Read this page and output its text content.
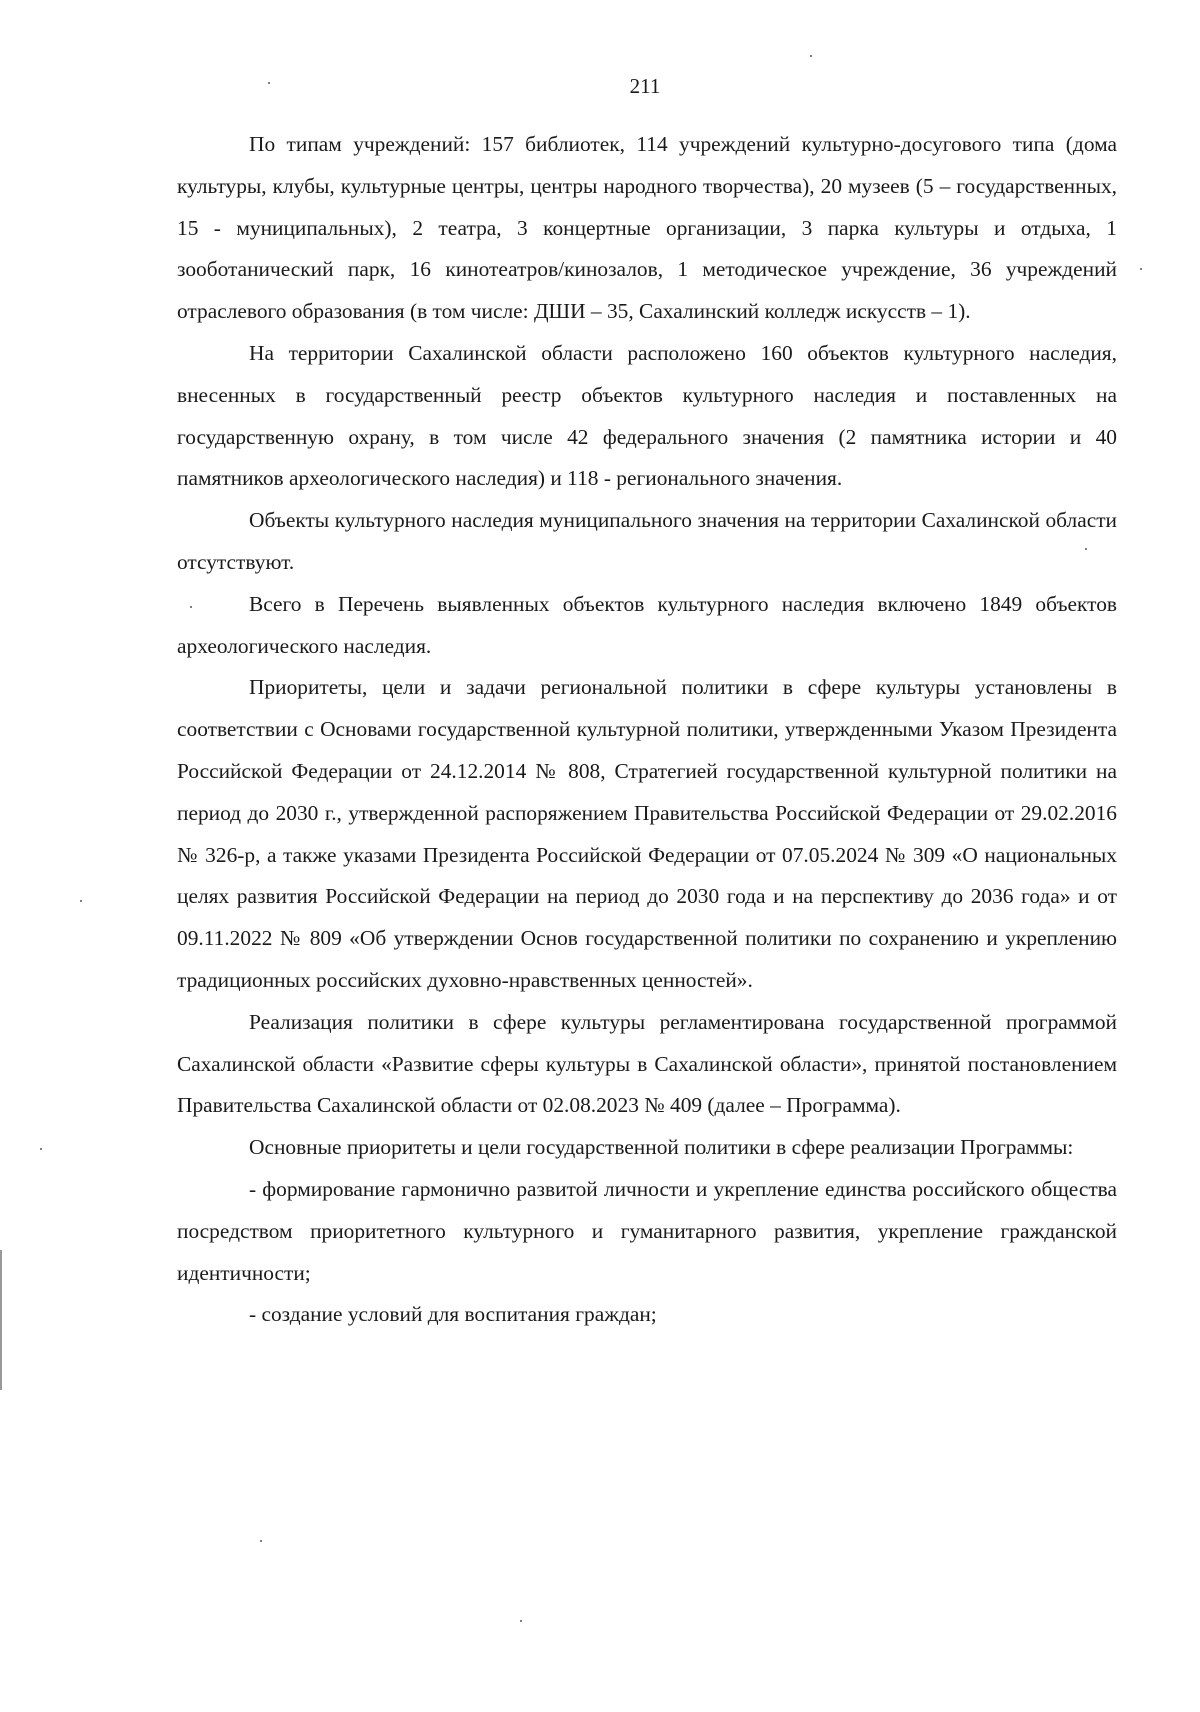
211

По типам учреждений: 157 библиотек, 114 учреждений культурно-досугового типа (дома культуры, клубы, культурные центры, центры народного творчества), 20 музеев (5 – государственных, 15 - муниципальных), 2 театра, 3 концертные организации, 3 парка культуры и отдыха, 1 зооботанический парк, 16 кинотеатров/кинозалов, 1 методическое учреждение, 36 учреждений отраслевого образования (в том числе: ДШИ – 35, Сахалинский колледж искусств – 1).

На территории Сахалинской области расположено 160 объектов культурного наследия, внесенных в государственный реестр объектов культурного наследия и поставленных на государственную охрану, в том числе 42 федерального значения (2 памятника истории и 40 памятников археологического наследия) и 118 - регионального значения.

Объекты культурного наследия муниципального значения на территории Сахалинской области отсутствуют.

Всего в Перечень выявленных объектов культурного наследия включено 1849 объектов археологического наследия.

Приоритеты, цели и задачи региональной политики в сфере культуры установлены в соответствии с Основами государственной культурной политики, утвержденными Указом Президента Российской Федерации от 24.12.2014 № 808, Стратегией государственной культурной политики на период до 2030 г., утвержденной распоряжением Правительства Российской Федерации от 29.02.2016 № 326-р, а также указами Президента Российской Федерации от 07.05.2024 № 309 «О национальных целях развития Российской Федерации на период до 2030 года и на перспективу до 2036 года» и от 09.11.2022 № 809 «Об утверждении Основ государственной политики по сохранению и укреплению традиционных российских духовно-нравственных ценностей».

Реализация политики в сфере культуры регламентирована государственной программой Сахалинской области «Развитие сферы культуры в Сахалинской области», принятой постановлением Правительства Сахалинской области от 02.08.2023 № 409 (далее – Программа).

Основные приоритеты и цели государственной политики в сфере реализации Программы:

- формирование гармонично развитой личности и укрепление единства российского общества посредством приоритетного культурного и гуманитарного развития, укрепление гражданской идентичности;

- создание условий для воспитания граждан;
